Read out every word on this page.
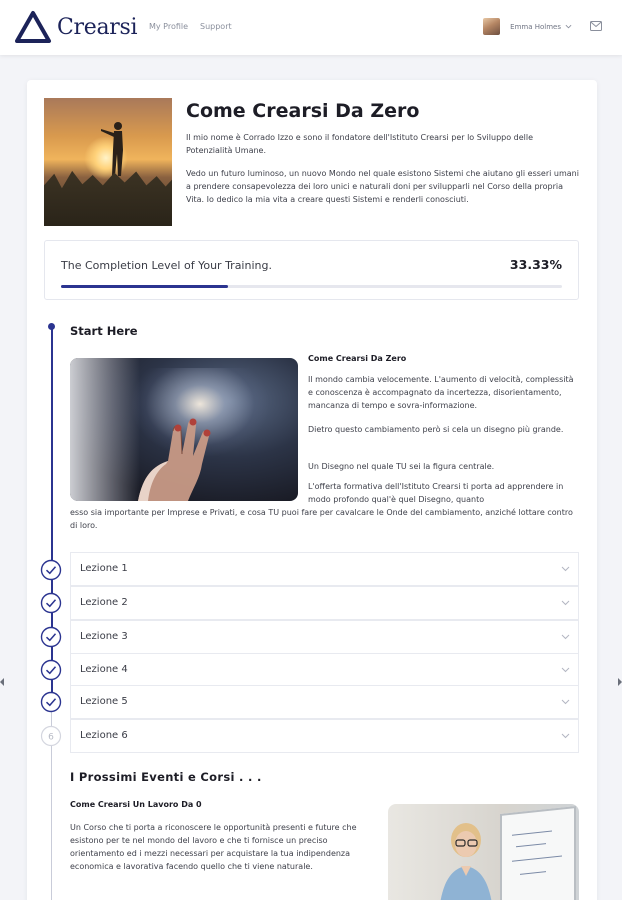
Crearsi My Profile Support	Emma Holmes
Come Crearsi Da Zero

Il mio nome è Corrado Izzo e sono il fondatore dell'Istituto Crearsi per lo Sviluppo delle Potenzialità Umane.

Vedo un futuro luminoso, un nuovo Mondo nel quale esistono Sistemi che aiutano gli esseri umani a prendere consapevolezza dei loro unici e naturali doni per svilupparli nel Corso della propria Vita. Io dedico la mia vita a creare questi Sistemi e renderli conosciuti.

The Completion Level of Your Training.	33.33%
Start Here
Come Crearsi Da Zero

Il mondo cambia velocemente. L'aumento di velocità, complessità e conoscenza è accompagnato da incertezza, disorientamento, mancanza di tempo e sovra-informazione.

Dietro questo cambiamento però si cela un disegno più grande.

Un Disegno nel quale TU sei la figura centrale.

L'offerta formativa dell'Istituto Crearsi ti porta ad apprendere in modo profondo qual'è quel Disegno, quanto

esso sia importante per Imprese e Privati, e cosa TU puoi fare per cavalcare le Onde del cambiamento, anziché lottare contro di loro.

Lezione 1
Lezione 2
Lezione 3
Lezione 4
Lezione 5
6	Lezione 6
I Prossimi Eventi e Corsi . . .
Come Crearsi Un Lavoro Da 0

Un Corso che ti porta a riconoscere le opportunità presenti e future che esistono per te nel mondo del lavoro e che ti fornisce un preciso orientamento ed i mezzi necessari per acquistare la tua indipendenza economica e lavorativa facendo quello che ti viene naturale.
